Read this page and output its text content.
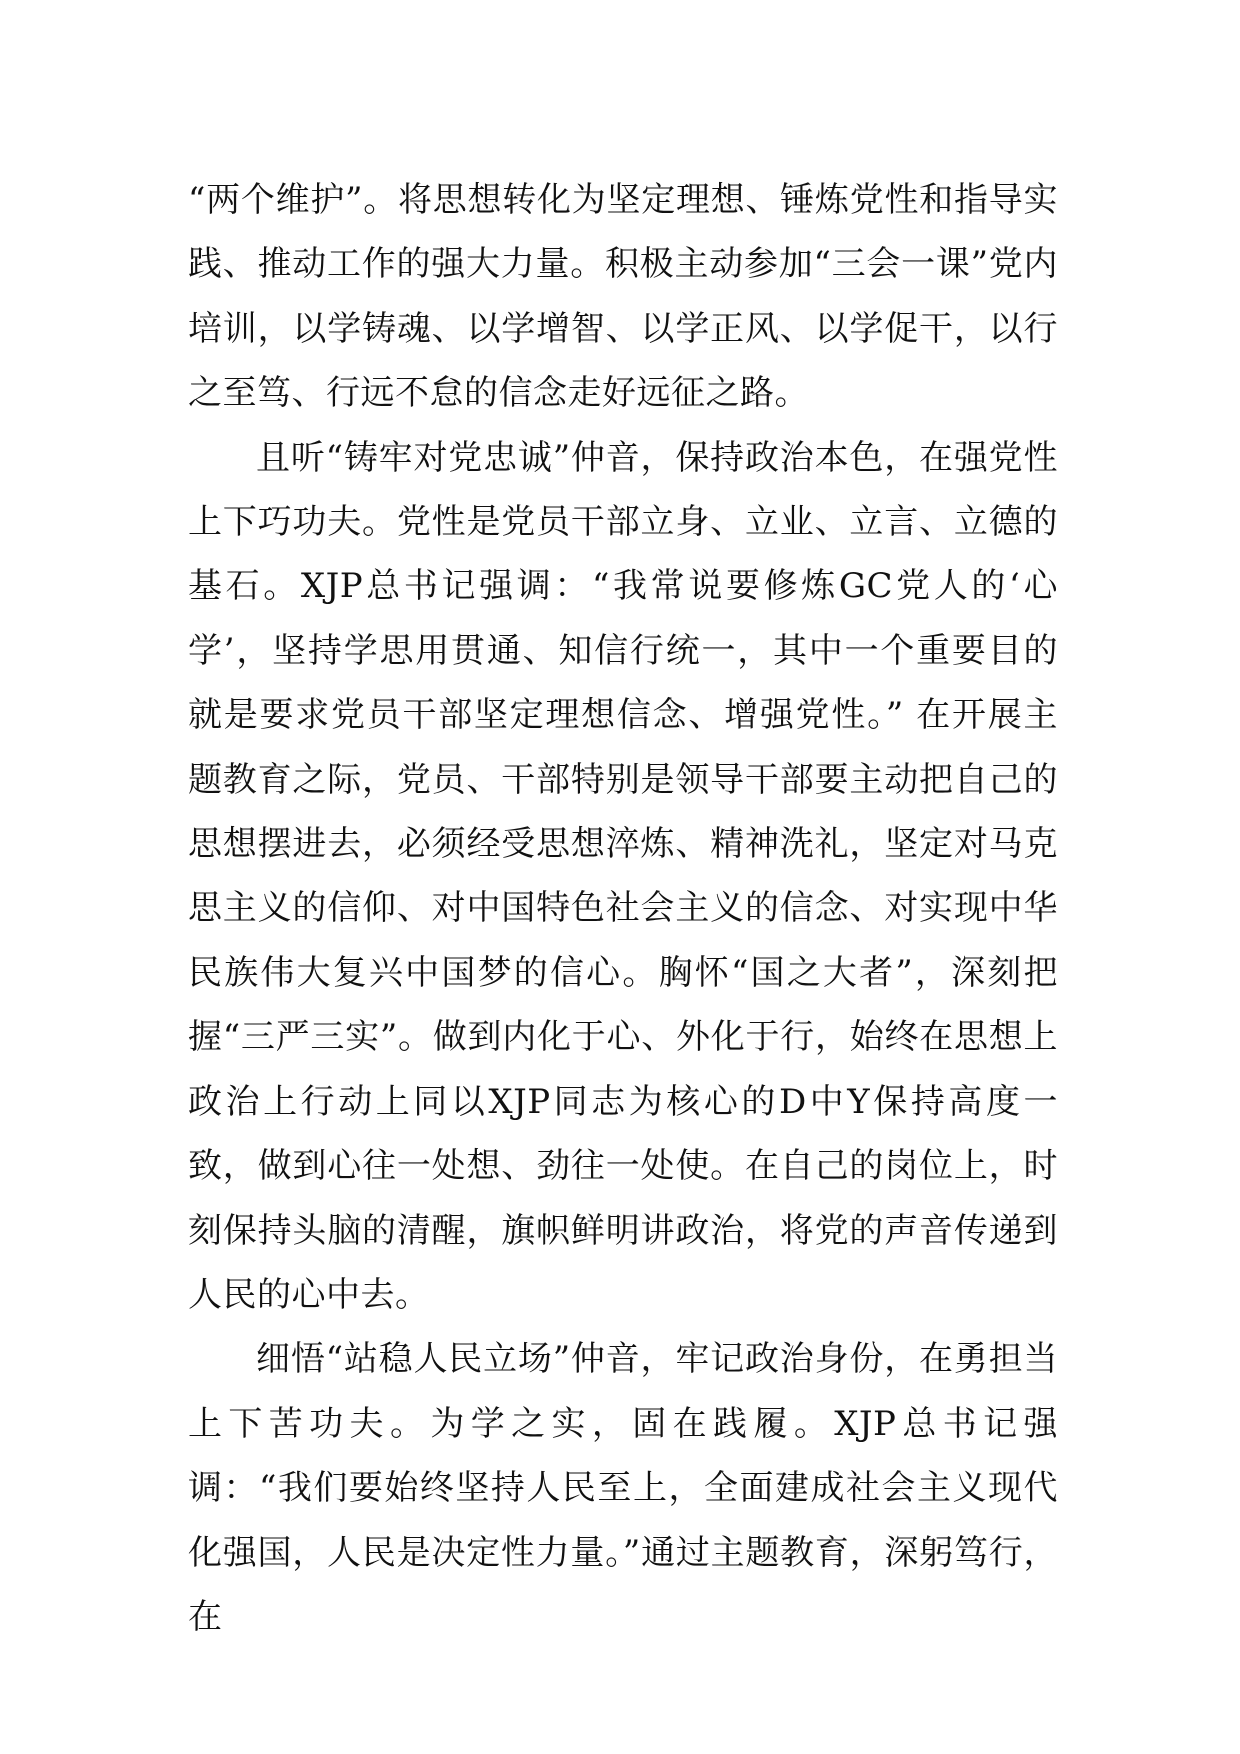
“两个维护”。将思想转化为坚定理想、锤炼党性和指导实践、推动工作的强大力量。积极主动参加“三会一课”党内培训，以学铸魂、以学增智、以学正风、以学促干，以行之至笃、行远不怠的信念走好远征之路。

且听“铸牢对党忠诚”仲音，保持政治本色，在强党性上下巧功夫。党性是党员干部立身、立业、立言、立德的基石。XJP总书记强调：“我常说要修炼GC党人的‘心学’，坚持学思用贯通、知信行统一，其中一个重要目的就是要求党员干部坚定理想信念、增强党性。” 在开展主题教育之际，党员、干部特别是领导干部要主动把自己的思想摆进去，必须经受思想淬炼、精神洗礼，坚定对马克思主义的信仰、对中国特色社会主义的信念、对实现中华民族伟大复兴中国梦的信心。胸怀“国之大者”，深刻把握“三严三实”。做到内化于心、外化于行，始终在思想上政治上行动上同以XJP同志为核心的D中Y保持高度一致，做到心往一处想、劲往一处使。在自己的岗位上，时刻保持头脑的清醒，旗帜鲜明讲政治，将党的声音传递到人民的心中去。

细悟“站稳人民立场”仲音，牢记政治身份，在勇担当上下苦功夫。为学之实，固在践履。XJP总书记强调：“我们要始终坚持人民至上，全面建成社会主义现代化强国，人民是决定性力量。”通过主题教育，深躬笃行，在
